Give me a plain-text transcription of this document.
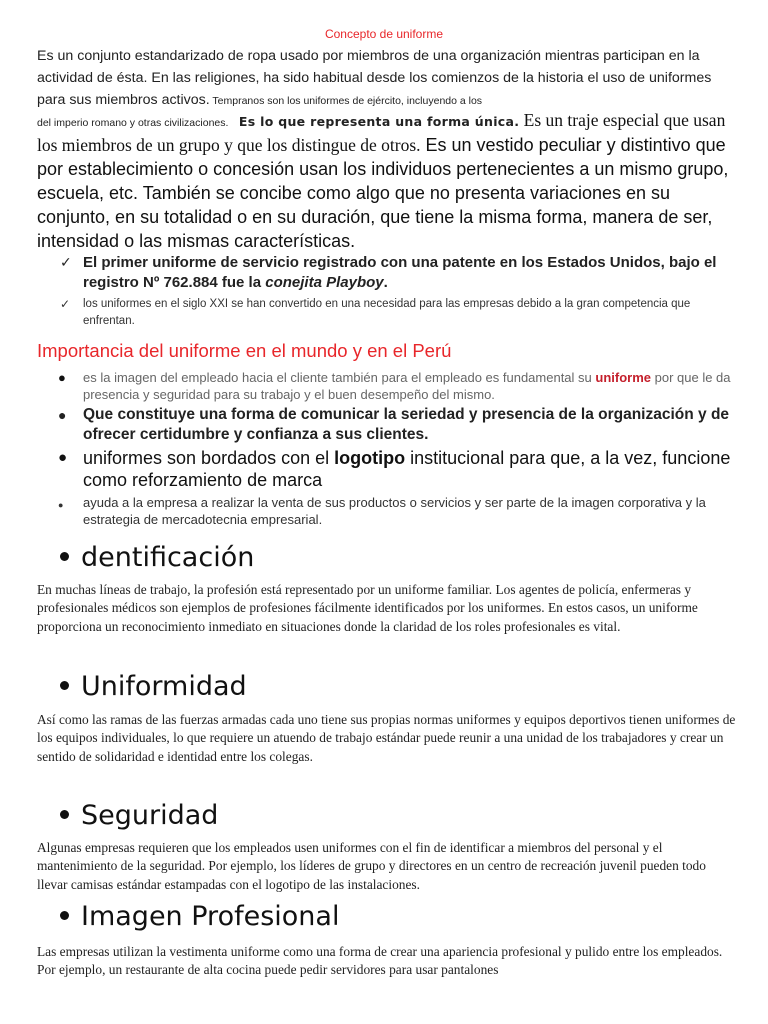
Concepto de uniforme
Es un conjunto estandarizado de ropa usado por miembros de una organización mientras participan en la actividad de ésta. En las religiones, ha sido habitual desde los comienzos de la historia el uso de uniformes para sus miembros activos. Tempranos son los uniformes de ejército, incluyendo a los
del imperio romano y otras civilizaciones. Es lo que representa una forma única. Es un traje especial que usan los miembros de un grupo y que los distingue de otros. Es un vestido peculiar y distintivo que por establecimiento o concesión usan los individuos pertenecientes a un mismo grupo, escuela, etc. También se concibe como algo que no presenta variaciones en su conjunto, en su totalidad o en su duración, que tiene la misma forma, manera de ser, intensidad o las mismas características.
✓ El primer uniforme de servicio registrado con una patente en los Estados Unidos, bajo el registro Nº 762.884 fue la conejita Playboy.
✓ los uniformes en el siglo XXI se han convertido en una necesidad para las empresas debido a la gran competencia que enfrentan.
Importancia del uniforme en el mundo y en el Perú
● es la imagen del empleado hacia el cliente también para el empleado es fundamental su uniforme por que le da presencia y seguridad para su trabajo y el buen desempeño del mismo.
● Que constituye una forma de comunicar la seriedad y presencia de la organización y de ofrecer certidumbre y confianza a sus clientes.
● uniformes son bordados con el logotipo institucional para que, a la vez, funcione como reforzamiento de marca
● ayuda a la empresa a realizar la venta de sus productos o servicios y ser parte de la imagen corporativa y la estrategia de mercadotecnia empresarial.
dentificación
En muchas líneas de trabajo, la profesión está representado por un uniforme familiar. Los agentes de policía, enfermeras y profesionales médicos son ejemplos de profesiones fácilmente identificados por los uniformes. En estos casos, un uniforme proporciona un reconocimiento inmediato en situaciones donde la claridad de los roles profesionales es vital.
Uniformidad
Así como las ramas de las fuerzas armadas cada uno tiene sus propias normas uniformes y equipos deportivos tienen uniformes de los equipos individuales, lo que requiere un atuendo de trabajo estándar puede reunir a una unidad de los trabajadores y crear un sentido de solidaridad e identidad entre los colegas.
Seguridad
Algunas empresas requieren que los empleados usen uniformes con el fin de identificar a miembros del personal y el mantenimiento de la seguridad. Por ejemplo, los líderes de grupo y directores en un centro de recreación juvenil pueden todo llevar camisas estándar estampadas con el logotipo de las instalaciones.
Imagen Profesional
Las empresas utilizan la vestimenta uniforme como una forma de crear una apariencia profesional y pulido entre los empleados. Por ejemplo, un restaurante de alta cocina puede pedir servidores para usar pantalones
